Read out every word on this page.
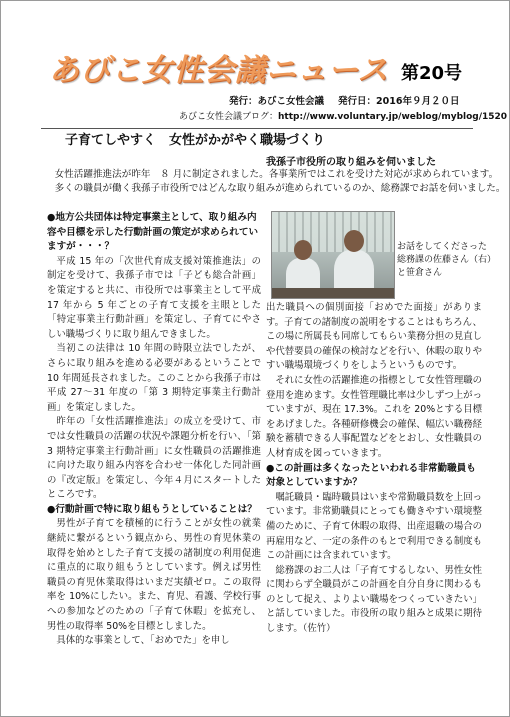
あびこ女性会議ニュース 第20号
発行：あびこ女性会議 発行日：2016年９月２０日
あびこ女性会議ブログ：http://www.voluntary.jp/weblog/myblog/1520
子育てしやすく　女性がかがやく職場づくり
我孫子市役所の取り組みを伺いました

女性活躍推進法が昨年　８ 月に制定されました。各事業所ではこれを受けた対応が求められています。

多くの職員が働く我孫子市役所ではどんな取り組みが進められているのか、総務課でお話を伺いました。

●地方公共団体は特定事業主として、取り組み内容や目標を示した行動計画の策定が求められていますが・・・？

平成 15 年の「次世代育成支援対策推進法」の制定を受けて、我孫子市では「子ども総合計画」を策定すると共に、市役所では事業主として平成 17 年から 5 年ごとの子育て支援を主眼とした「特定事業主行動計画」を策定し、子育てにやさしい職場づくりに取り組んできました。

当初この法律は 10 年間の時限立法でしたが、さらに取り組みを進める必要があるということで 10 年間延長されました。このことから我孫子市は平成 27～31 年度の「第 3 期特定事業主行動計画」を策定しました。

昨年の「女性活躍推進法」の成立を受けて、市では女性職員の活躍の状況や課題分析を行い、「第 3 期特定事業主行動計画」に女性職員の活躍推進に向けた取り組み内容を合わせ一体化した同計画の『改定版』を策定し、今年４月にスタートしたところです。

●行動計画で特に取り組もうとしていることは？

男性が子育てを積極的に行うことが女性の就業継続に繋がるという観点から、男性の育児休業の取得を始めとした子育て支援の諸制度の利用促進に重点的に取り組もうとしています。例えば男性職員の育児休業取得はいまだ実績ゼロ。この取得率を 10%にしたい。また、育児、看護、学校行事への参加などのための「子育て休暇」を拡充し、男性の取得率 50%を目標としました。

具体的な事業として、「おめでた」を申し

お話をしてくださった
総務課の佐藤さん（右）
と笹倉さん

出た職員への個別面接「おめでた面接」があります。子育ての諸制度の説明をすることはもちろん、この場に所属長も同席してもらい業務分担の見直しや代替要員の確保の検討などを行い、休暇の取りやすい職場環境づくりをしようというものです。

それに女性の活躍推進の指標として女性管理職の登用を進めます。女性管理職比率は少しずつ上がっていますが、現在 17.3%。これを 20%とする目標をあげました。各種研修機会の確保、幅広い職務経験を蓄積できる人事配置などをとおし、女性職員の人材育成を図っていきます。

●この計画は多くなったといわれる非常勤職員も対象としていますか？

嘱託職員・臨時職員はいまや常勤職員数を上回っています。非常勤職員にとっても働きやすい環境整備のために、子育て休暇の取得、出産退職の場合の再雇用など、一定の条件のもとで利用できる制度もこの計画には含まれています。

総務課のお二人は「子育てするしない、男性女性に関わらず全職員がこの計画を自分自身に関わるものとして捉え、よりよい職場をつくっていきたい」と話していました。市役所の取り組みと成果に期待します。（佐竹）
